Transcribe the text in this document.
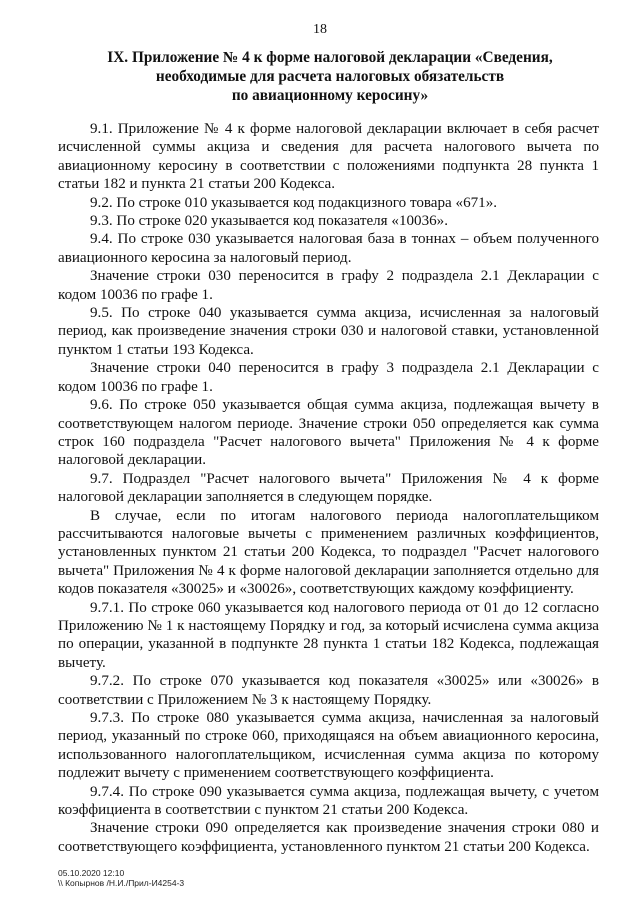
18
IX. Приложение № 4 к форме налоговой декларации «Сведения,
необходимые для расчета налоговых обязательств
по авиационному керосину»

9.1. Приложение № 4 к форме налоговой декларации включает в себя расчет исчисленной суммы акциза и сведения для расчета налогового вычета по авиационному керосину в соответствии с положениями подпункта 28 пункта 1 статьи 182 и пункта 21 статьи 200 Кодекса.

9.2. По строке 010 указывается код подакцизного товара «671».

9.3. По строке 020 указывается код показателя «10036».

9.4. По строке 030 указывается налоговая база в тоннах – объем полученного авиационного керосина за налоговый период.

Значение строки 030 переносится в графу 2 подраздела 2.1 Декларации с кодом 10036 по графе 1.

9.5. По строке 040 указывается сумма акциза, исчисленная за налоговый период, как произведение значения строки 030 и налоговой ставки, установленной пунктом 1 статьи 193 Кодекса.

Значение строки 040 переносится в графу 3 подраздела 2.1 Декларации с кодом 10036 по графе 1.

9.6. По строке 050 указывается общая сумма акциза, подлежащая вычету в соответствующем налогом периоде. Значение строки 050 определяется как сумма строк 160 подраздела "Расчет налогового вычета" Приложения № 4 к форме налоговой декларации.

9.7. Подраздел "Расчет налогового вычета" Приложения № 4 к форме налоговой декларации заполняется в следующем порядке.

В случае, если по итогам налогового периода налогоплательщиком рассчитываются налоговые вычеты с применением различных коэффициентов, установленных пунктом 21 статьи 200 Кодекса, то подраздел "Расчет налогового вычета" Приложения № 4 к форме налоговой декларации заполняется отдельно для кодов показателя «30025» и «30026», соответствующих каждому коэффициенту.

9.7.1. По строке 060 указывается код налогового периода от 01 до 12 согласно Приложению № 1 к настоящему Порядку и год, за который исчислена сумма акциза по операции, указанной в подпункте 28 пункта 1 статьи 182 Кодекса, подлежащая вычету.

9.7.2. По строке 070 указывается код показателя «30025» или «30026» в соответствии с Приложением № 3 к настоящему Порядку.

9.7.3. По строке 080 указывается сумма акциза, начисленная за налоговый период, указанный по строке 060, приходящаяся на объем авиационного керосина, использованного налогоплательщиком, исчисленная сумма акциза по которому подлежит вычету с применением соответствующего коэффициента.

9.7.4. По строке 090 указывается сумма акциза, подлежащая вычету, с учетом коэффициента в соответствии с пунктом 21 статьи 200 Кодекса.

Значение строки 090 определяется как произведение значения строки 080 и соответствующего коэффициента, установленного пунктом 21 статьи 200 Кодекса.

05.10.2020 12:10
\\ Копырнов /Н.И./Прил-И4254-3
